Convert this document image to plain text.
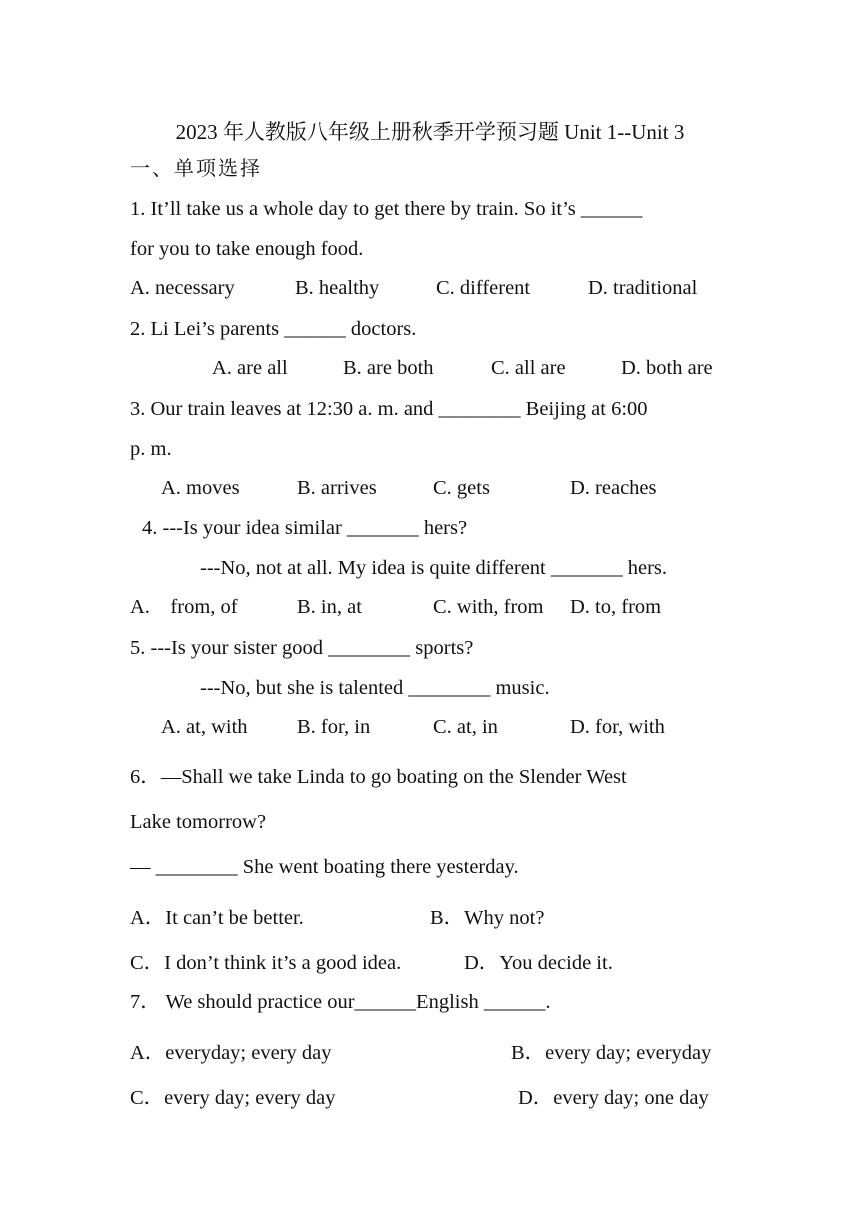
2023 年人教版八年级上册秋季开学预习题 Unit 1--Unit 3
一、单项选择
1. It’ll take us a whole day to get there by train. So it’s ______
for you to take enough food.
A. necessary	B. healthy	C. different	D. traditional
2. Li Lei’s parents ______ doctors.
A. are all	B. are both	C. all are	D. both are
3. Our train leaves at 12:30 a. m. and ________ Beijing at 6:00
p. m.
A. moves	B. arrives	C. gets	D. reaches
4. ---Is your idea similar _______ hers?
---No, not at all. My idea is quite different _______ hers.
A.    from, of	B. in, at	C. with, from D. to, from
5. ---Is your sister good ________ sports?
---No, but she is talented ________ music.
A. at, with B. for, in	C. at, in	D. for, with
6．—Shall we take Linda to go boating on the Slender West
Lake tomorrow?
— ________ She went boating there yesterday.
A．It can’t be better.	B．Why not?
C．I don’t think it’s a good idea.	D．You decide it.
7． We should practice our______English ______.
A．everyday; every day	B．every day; everyday
C．every day; every day	D．every day; one day
